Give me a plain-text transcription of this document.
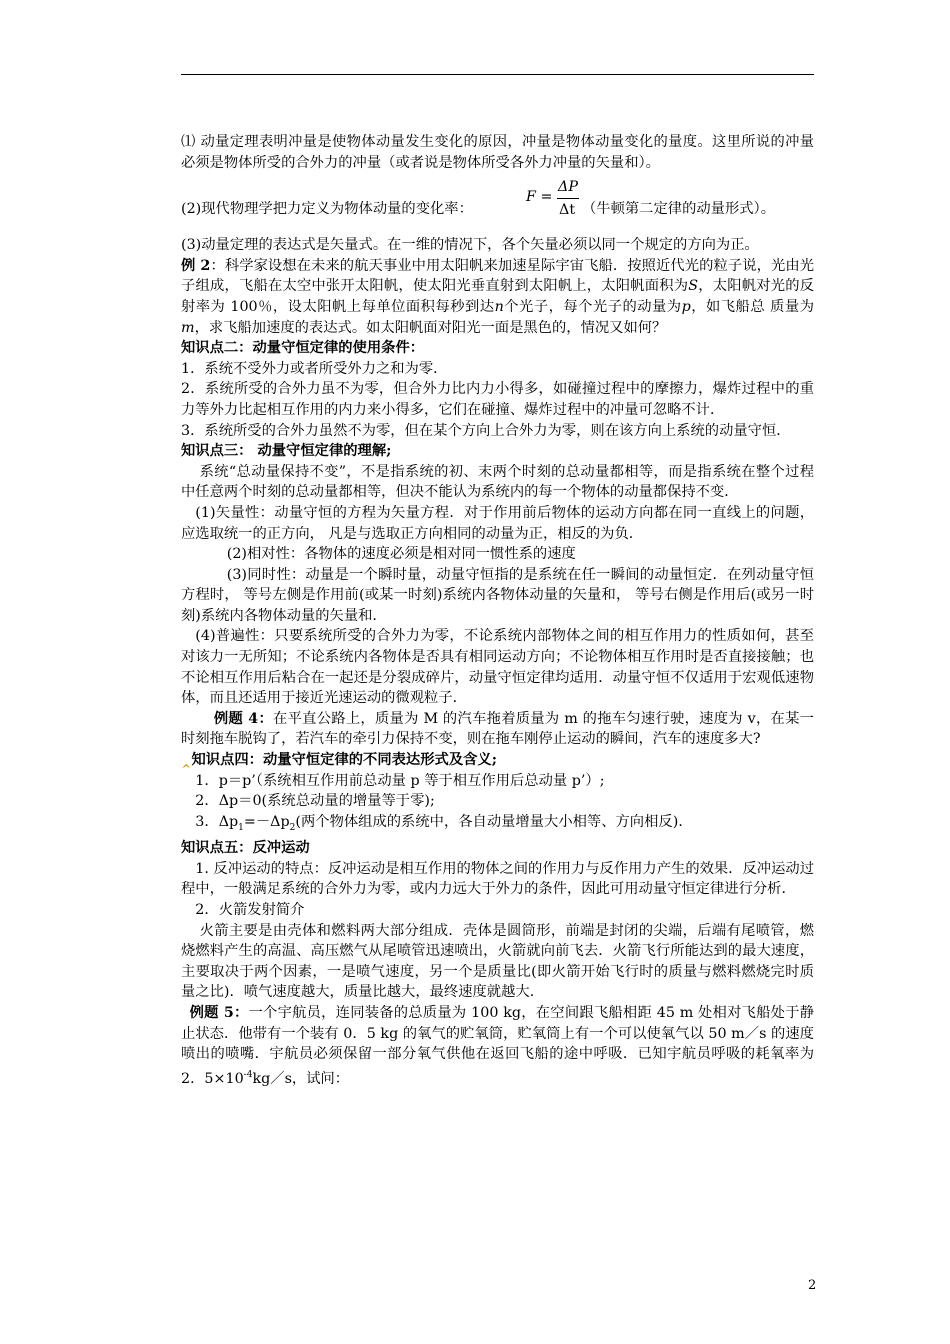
⑴ 动量定理表明冲量是使物体动量发生变化的原因，冲量是物体动量变化的量度。这里所说的冲量必须是物体所受的合外力的冲量（或者说是物体所受各外力冲量的矢量和）。

(2)现代物理学把力定义为物体动量的变化率：
F =
ΔP
Δt （牛顿第二定律的动量形式）。

(3)动量定理的表达式是矢量式。在一维的情况下，各个矢量必须以同一个规定的方向为正。

例 2：科学家设想在未来的航天事业中用太阳帆来加速星际宇宙飞船．按照近代光的粒子说，光由光子组成，飞船在太空中张开太阳帆，使太阳光垂直射到太阳帆上，太阳帆面积为S，太阳帆对光的反射率为 100％，设太阳帆上每单位面积每秒到达n个光子，每个光子的动量为p，如飞船总 质量为m，求飞船加速度的表达式。如太阳帆面对阳光一面是黑色的，情况又如何？

知识点二：动量守恒定律的使用条件：

1．系统不受外力或者所受外力之和为零．

2．系统所受的合外力虽不为零，但合外力比内力小得多，如碰撞过程中的摩擦力，爆炸过程中的重力等外力比起相互作用的内力来小得多，它们在碰撞、爆炸过程中的冲量可忽略不计．

3．系统所受的合外力虽然不为零，但在某个方向上合外力为零，则在该方向上系统的动量守恒．

知识点三： 动量守恒定律的理解;

系统“总动量保持不变”，不是指系统的初、末两个时刻的总动量都相等，而是指系统在整个过程中任意两个时刻的总动量都相等，但决不能认为系统内的每一个物体的动量都保持不变．

(1)矢量性：动量守恒的方程为矢量方程．对于作用前后物体的运动方向都在同一直线上的问题，应选取统一的正方向， 凡是与选取正方向相同的动量为正，相反的为负．

(2)相对性：各物体的速度必须是相对同一惯性系的速度

(3)同时性：动量是一个瞬时量，动量守恒指的是系统在任一瞬间的动量恒定．在列动量守恒方程时， 等号左侧是作用前(或某一时刻)系统内各物体动量的矢量和， 等号右侧是作用后(或另一时刻)系统内各物体动量的矢量和．

(4)普遍性：只要系统所受的合外力为零，不论系统内部物体之间的相互作用力的性质如何，甚至对该力一无所知；不论系统内各物体是否具有相同运动方向；不论物体相互作用时是否直接接触；也不论相互作用后粘合在一起还是分裂成碎片，动量守恒定律均适用．动量守恒不仅适用于宏观低速物体，而且还适用于接近光速运动的微观粒子．

例题 4：在平直公路上，质量为 M 的汽车拖着质量为 m 的拖车匀速行驶，速度为 v，在某一时刻拖车脱钩了，若汽车的牵引力保持不变，则在拖车刚停止运动的瞬间，汽车的速度多大?

‸知识点四：动量守恒定律的不同表达形式及含义;

1．p＝p’（系统相互作用前总动量 p 等于相互作用后总动量 p’）;

2．Δp＝0(系统总动量的增量等于零);

3．$\Delta p_1=-\Delta p_2$(两个物体组成的系统中，各自动量增量大小相等、方向相反).

知识点五：反冲运动

1. 反冲运动的特点：反冲运动是相互作用的物体之间的作用力与反作用力产生的效果．反冲运动过程中，一般满足系统的合外力为零，或内力远大于外力的条件，因此可用动量守恒定律进行分析．

2．火箭发射简介

火箭主要是由壳体和燃料两大部分组成．壳体是圆筒形，前端是封闭的尖端，后端有尾喷管，燃烧燃料产生的高温、高压燃气从尾喷管迅速喷出，火箭就向前飞去．火箭飞行所能达到的最大速度，主要取决于两个因素，一是喷气速度，另一个是质量比(即火箭开始飞行时的质量与燃料燃烧完时质量之比)．喷气速度越大，质量比越大，最终速度就越大．

例题 5：一个宇航员，连同装备的总质量为 100 kg，在空间跟飞船相距 45 m 处相对飞船处于静止状态．他带有一个装有 0．5 kg 的氧气的贮氧筒，贮氧筒上有一个可以使氧气以 50 m／s 的速度喷出的喷嘴．宇航员必须保留一部分氧气供他在返回飞船的途中呼吸．已知宇航员呼吸的耗氧率为 2．$5\times 10^{-4}kg/s$，试问：

2
